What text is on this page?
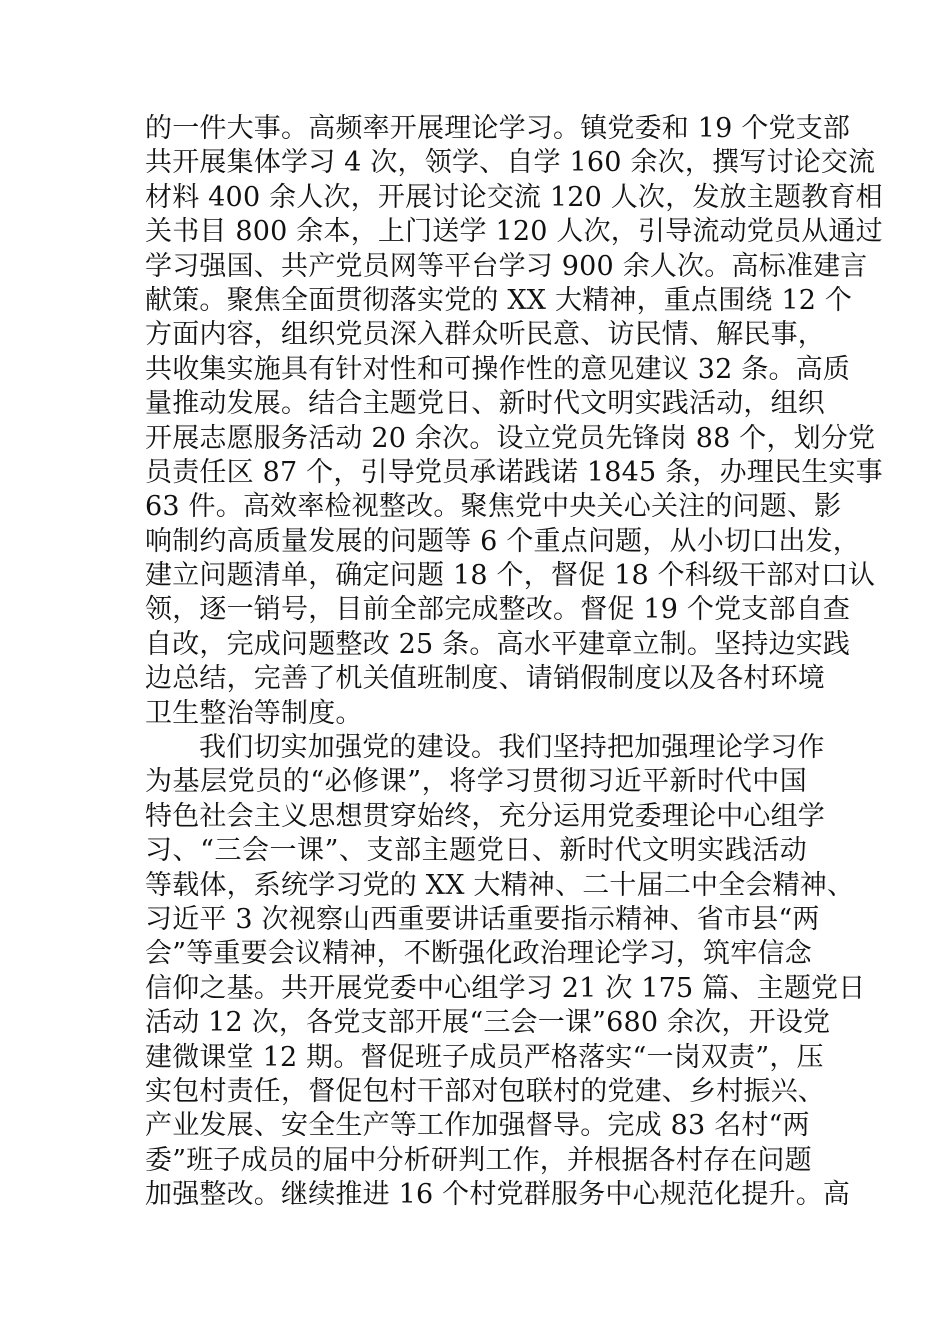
的一件大事。高频率开展理论学习。镇党委和 19 个党支部
共开展集体学习 4 次，领学、自学 160 余次，撰写讨论交流
材料 400 余人次，开展讨论交流 120 人次，发放主题教育相
关书目 800 余本，上门送学 120 人次，引导流动党员从通过
学习强国、共产党员网等平台学习 900 余人次。高标准建言
献策。聚焦全面贯彻落实党的 XX 大精神，重点围绕 12 个
方面内容，组织党员深入群众听民意、访民情、解民事，
共收集实施具有针对性和可操作性的意见建议 32 条。高质
量推动发展。结合主题党日、新时代文明实践活动，组织
开展志愿服务活动 20 余次。设立党员先锋岗 88 个，划分党
员责任区 87 个，引导党员承诺践诺 1845 条，办理民生实事
63 件。高效率检视整改。聚焦党中央关心关注的问题、影
响制约高质量发展的问题等 6 个重点问题，从小切口出发，
建立问题清单，确定问题 18 个，督促 18 个科级干部对口认
领，逐一销号，目前全部完成整改。督促 19 个党支部自查
自改，完成问题整改 25 条。高水平建章立制。坚持边实践
边总结，完善了机关值班制度、请销假制度以及各村环境
卫生整治等制度。
我们切实加强党的建设。我们坚持把加强理论学习作
为基层党员的“必修课”，将学习贯彻习近平新时代中国
特色社会主义思想贯穿始终，充分运用党委理论中心组学
习、“三会一课”、支部主题党日、新时代文明实践活动
等载体，系统学习党的 XX 大精神、二十届二中全会精神、
习近平 3 次视察山西重要讲话重要指示精神、省市县“两
会”等重要会议精神，不断强化政治理论学习，筑牢信念
信仰之基。共开展党委中心组学习 21 次 175 篇、主题党日
活动 12 次，各党支部开展“三会一课”680 余次，开设党
建微课堂 12 期。督促班子成员严格落实“一岗双责”，压
实包村责任，督促包村干部对包联村的党建、乡村振兴、
产业发展、安全生产等工作加强督导。完成 83 名村“两
委”班子成员的届中分析研判工作，并根据各村存在问题
加强整改。继续推进 16 个村党群服务中心规范化提升。高
